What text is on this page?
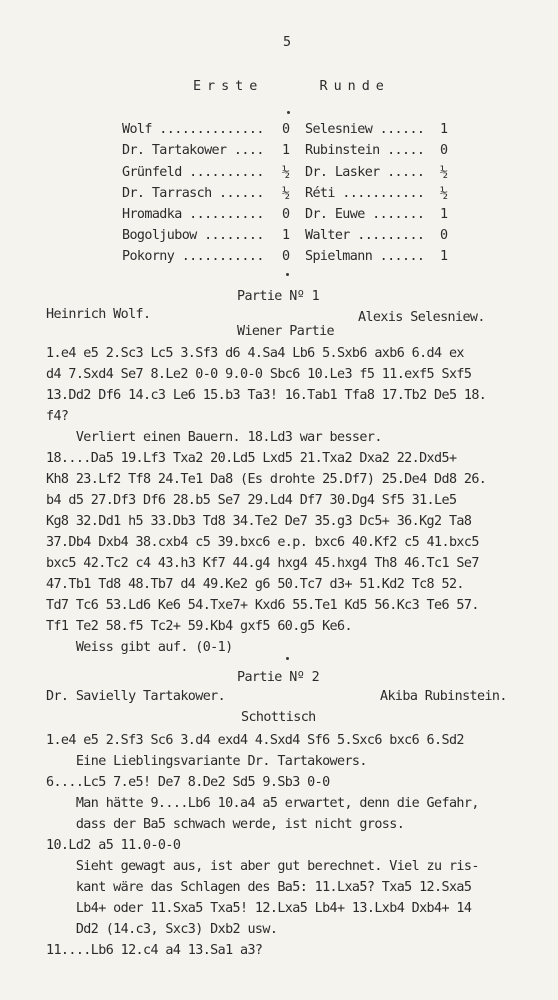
5
Erste    Runde
Wolf .............. 0 Selesniew ...... 1
Dr. Tartakower .... 1 Rubinstein ..... 0
Grünfeld .......... ½ Dr. Lasker ..... ½
Dr. Tarrasch ...... ½ Réti ........... ½
Hromadka .......... 0 Dr. Euwe ....... 1
Bogoljubow ........ 1 Walter ......... 0
Pokorny ........... 0 Spielmann ...... 1
Partie Nº 1
Heinrich Wolf.	Alexis Selesniew.
Wiener Partie
1.e4 e5 2.Sc3 Lc5 3.Sf3 d6 4.Sa4 Lb6 5.Sxb6 axb6 6.d4 ex
d4 7.Sxd4 Se7 8.Le2 0-0 9.0-0 Sbc6 10.Le3 f5 11.exf5 Sxf5
13.Dd2 Df6 14.c3 Le6 15.b3 Ta3! 16.Tab1 Tfa8 17.Tb2 De5 18.
f4?
Verliert einen Bauern. 18.Ld3 war besser.
18....Da5 19.Lf3 Txa2 20.Ld5 Lxd5 21.Txa2 Dxa2 22.Dxd5+
Kh8 23.Lf2 Tf8 24.Te1 Da8 (Es drohte 25.Df7) 25.De4 Dd8 26.
b4 d5 27.Df3 Df6 28.b5 Se7 29.Ld4 Df7 30.Dg4 Sf5 31.Le5
Kg8 32.Dd1 h5 33.Db3 Td8 34.Te2 De7 35.g3 Dc5+ 36.Kg2 Ta8
37.Db4 Dxb4 38.cxb4 c5 39.bxc6 e.p. bxc6 40.Kf2 c5 41.bxc5
bxc5 42.Tc2 c4 43.h3 Kf7 44.g4 hxg4 45.hxg4 Th8 46.Tc1 Se7
47.Tb1 Td8 48.Tb7 d4 49.Ke2 g6 50.Tc7 d3+ 51.Kd2 Tc8 52.
Td7 Tc6 53.Ld6 Ke6 54.Txe7+ Kxd6 55.Te1 Kd5 56.Kc3 Te6 57.
Tf1 Te2 58.f5 Tc2+ 59.Kb4 gxf5 60.g5 Ke6.
Weiss gibt auf. (0-1)
Partie Nº 2
Dr. Savielly Tartakower.	Akiba Rubinstein.
Schottisch
1.e4 e5 2.Sf3 Sc6 3.d4 exd4 4.Sxd4 Sf6 5.Sxc6 bxc6 6.Sd2
Eine Lieblingsvariante Dr. Tartakowers.
6....Lc5 7.e5! De7 8.De2 Sd5 9.Sb3 0-0
Man hätte 9....Lb6 10.a4 a5 erwartet, denn die Gefahr,
dass der Ba5 schwach werde, ist nicht gross.
10.Ld2 a5 11.0-0-0
Sieht gewagt aus, ist aber gut berechnet. Viel zu ris-
kant wäre das Schlagen des Ba5: 11.Lxa5? Txa5 12.Sxa5
Lb4+ oder 11.Sxa5 Txa5! 12.Lxa5 Lb4+ 13.Lxb4 Dxb4+ 14
Dd2 (14.c3, Sxc3) Dxb2 usw.
11....Lb6 12.c4 a4 13.Sa1 a3?
